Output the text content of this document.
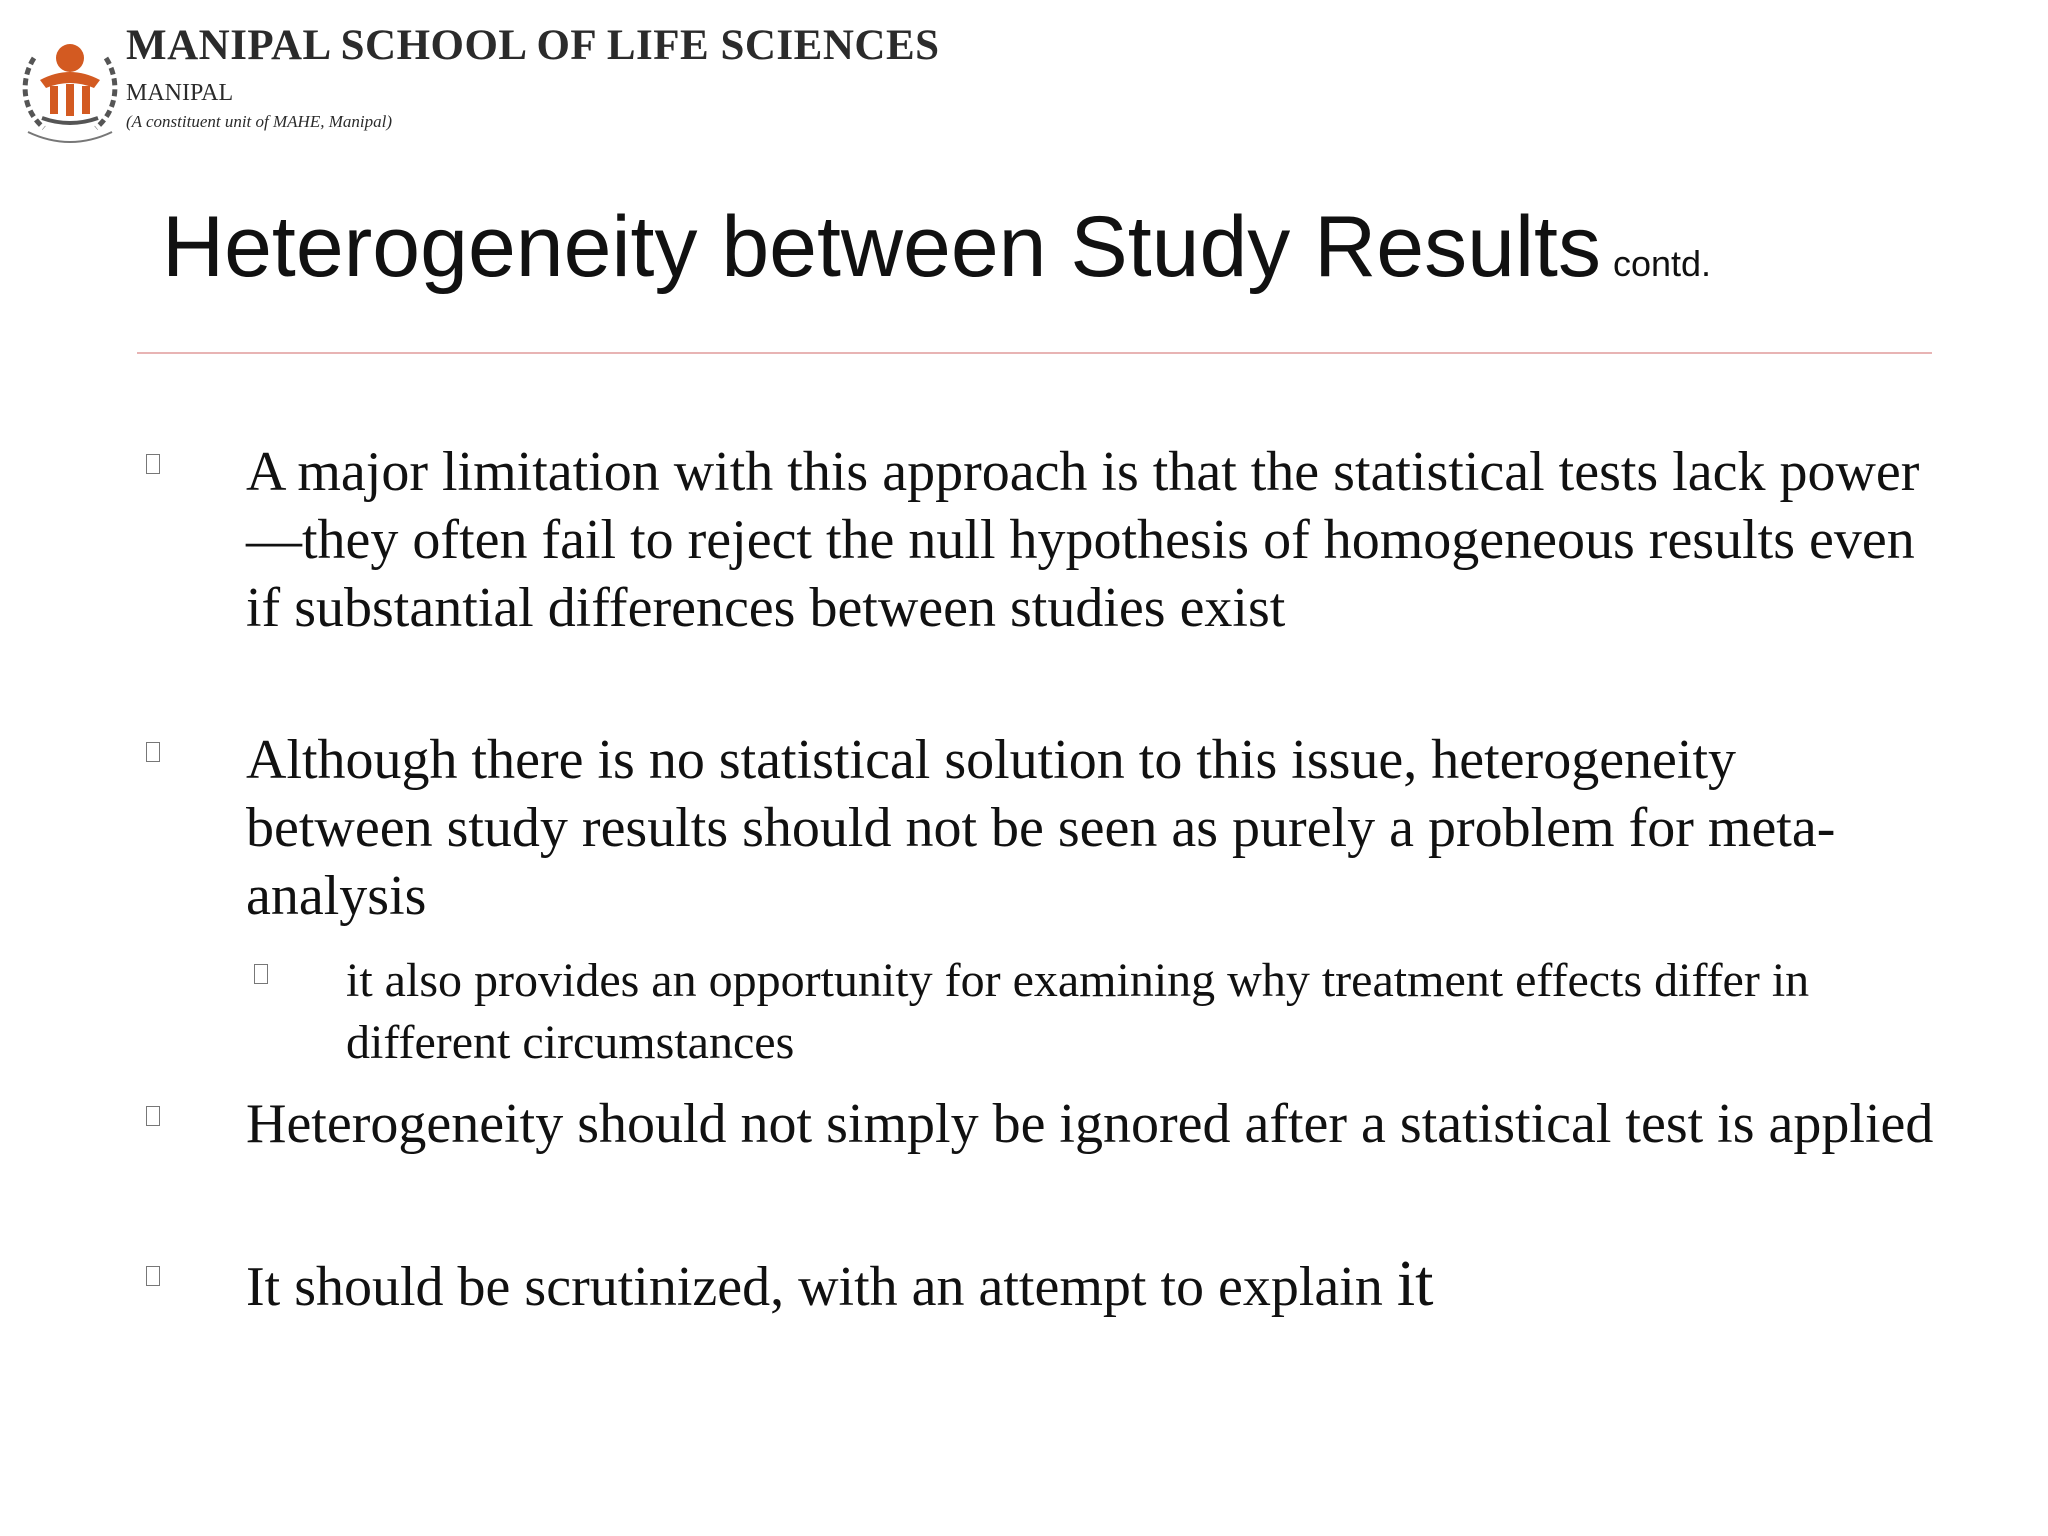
MANIPAL SCHOOL OF LIFE SCIENCES
MANIPAL
(A constituent unit of MAHE, Manipal)
Heterogeneity between Study Results contd.
A major limitation with this approach is that the statistical tests lack power—they often fail to reject the null hypothesis of homogeneous results even if substantial differences between studies exist
Although there is no statistical solution to this issue, heterogeneity between study results should not be seen as purely a problem for meta-analysis
it also provides an opportunity for examining why treatment effects differ in different circumstances
Heterogeneity should not simply be ignored after a statistical test is applied
It should be scrutinized, with an attempt to explain it
